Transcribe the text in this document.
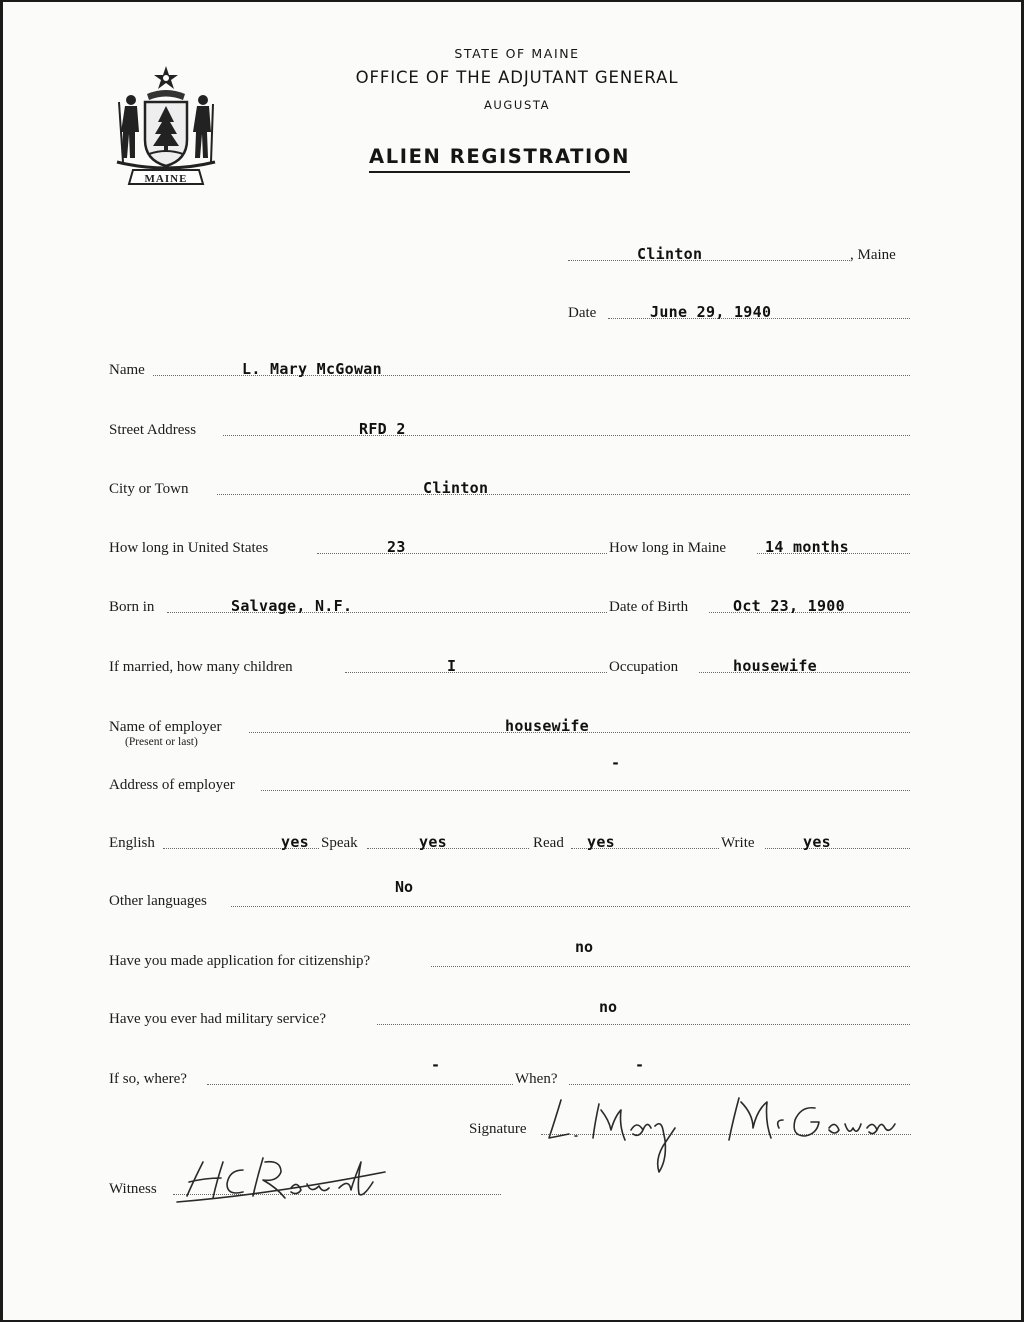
MAINE
STATE OF MAINE
OFFICE OF THE ADJUTANT GENERAL
AUGUSTA
ALIEN REGISTRATION
Clinton	, Maine
Date	June 29, 1940
Name	L. Mary McGowan
Street Address	RFD 2
City or Town	Clinton
How long in United States	23	How long in Maine	14 months
Born in	Salvage, N.F.	Date of Birth	Oct 23, 1900
If married, how many children	I	Occupation	housewife
Name of employer	housewife
(Present or last)
Address of employer
-
English	yes Speak	yes	Read yes	Write	yes
Other languages
No
Have you made application for citizenship?
no
Have you ever had military service?
no
If so, where?	When?
-	-
Signature
Witness
